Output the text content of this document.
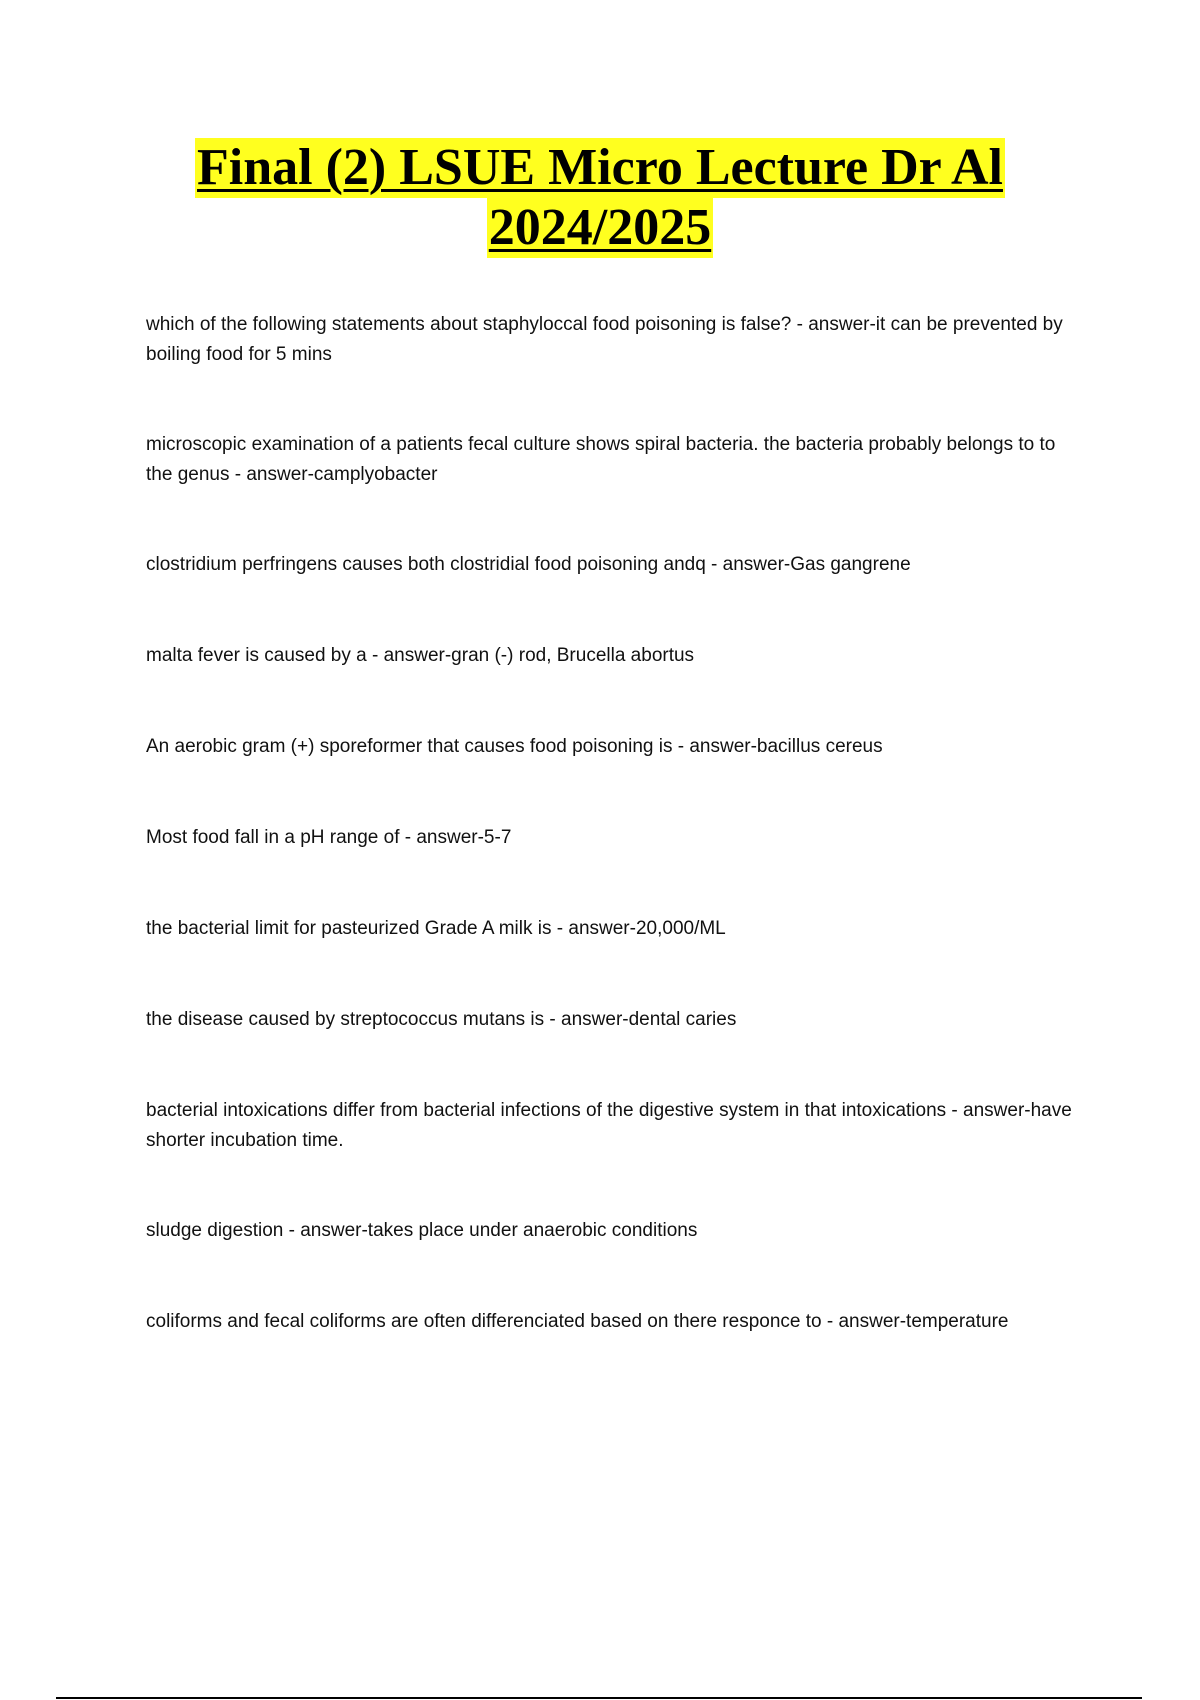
Final (2) LSUE Micro Lecture Dr Al
2024/2025

which of the following statements about staphyloccal food poisoning is false? - answer-it can be prevented by boiling food for 5 mins

microscopic examination of a patients fecal culture shows spiral bacteria. the bacteria probably belongs to to the genus - answer-camplyobacter

clostridium perfringens causes both clostridial food poisoning andq - answer-Gas gangrene

malta fever is caused by a - answer-gran (-) rod, Brucella abortus

An aerobic gram (+) sporeformer that causes food poisoning is - answer-bacillus cereus

Most food fall in a pH range of - answer-5-7

the bacterial limit for pasteurized Grade A milk is - answer-20,000/ML

the disease caused by streptococcus mutans is - answer-dental caries

bacterial intoxications differ from bacterial infections of the digestive system in that intoxications - answer-have shorter incubation time.

sludge digestion - answer-takes place under anaerobic conditions

coliforms and fecal coliforms are often differenciated based on there responce to - answer-temperature
